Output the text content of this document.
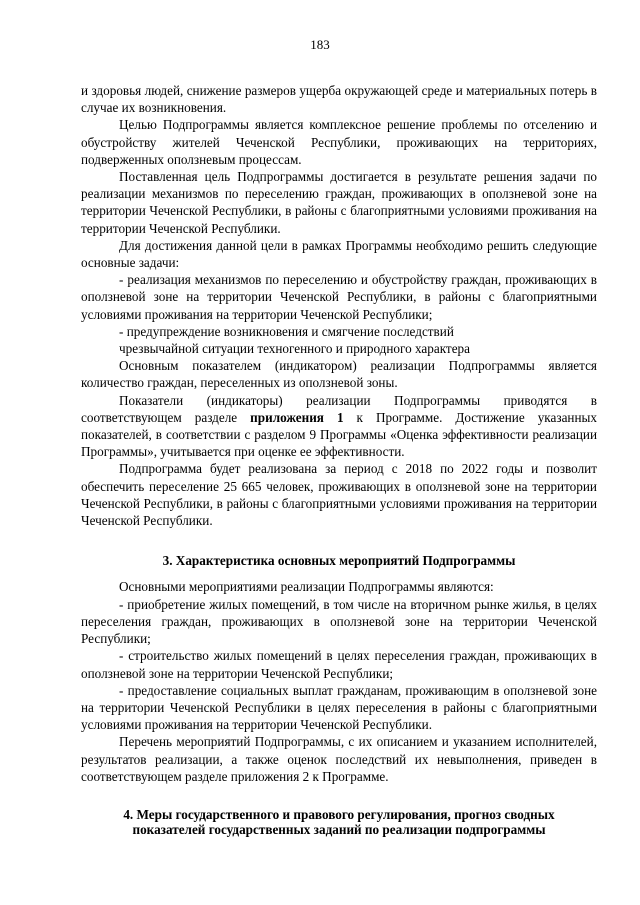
183

и здоровья людей, снижение размеров ущерба окружающей среде и материальных потерь в случае их возникновения.

Целью Подпрограммы является комплексное решение проблемы по отселению и обустройству жителей Чеченской Республики, проживающих на территориях, подверженных оползневым процессам.

Поставленная цель Подпрограммы достигается в результате решения задачи по реализации механизмов по переселению граждан, проживающих в оползневой зоне на территории Чеченской Республики, в районы с благоприятными условиями проживания на территории Чеченской Республики.

Для достижения данной цели в рамках Программы необходимо решить следующие основные задачи:

- реализация механизмов по переселению и обустройству граждан, проживающих в оползневой зоне на территории Чеченской Республики, в районы с благоприятными условиями проживания на территории Чеченской Республики;

- предупреждение возникновения и смягчение последствий

чрезвычайной ситуации техногенного и природного характера

Основным показателем (индикатором) реализации Подпрограммы является количество граждан, переселенных из оползневой зоны.

Показатели (индикаторы) реализации Подпрограммы приводятся в соответствующем разделе приложения 1 к Программе. Достижение указанных показателей, в соответствии с разделом 9 Программы «Оценка эффективности реализации Программы», учитывается при оценке ее эффективности.

Подпрограмма будет реализована за период с 2018 по 2022 годы и позволит обеспечить переселение 25 665 человек, проживающих в оползневой зоне на территории Чеченской Республики, в районы с благоприятными условиями проживания на территории Чеченской Республики.

3. Характеристика основных мероприятий Подпрограммы

Основными мероприятиями реализации Подпрограммы являются:

- приобретение жилых помещений, в том числе на вторичном рынке жилья, в целях переселения граждан, проживающих в оползневой зоне на территории Чеченской Республики;

- строительство жилых помещений в целях переселения граждан, проживающих в оползневой зоне на территории Чеченской Республики;

- предоставление социальных выплат гражданам, проживающим в оползневой зоне на территории Чеченской Республики в целях переселения в районы с благоприятными условиями проживания на территории Чеченской Республики.

Перечень мероприятий Подпрограммы, с их описанием и указанием исполнителей, результатов реализации, а также оценок последствий их невыполнения, приведен в соответствующем разделе приложения 2 к Программе.

4. Меры государственного и правового регулирования, прогноз сводных
показателей государственных заданий по реализации подпрограммы
